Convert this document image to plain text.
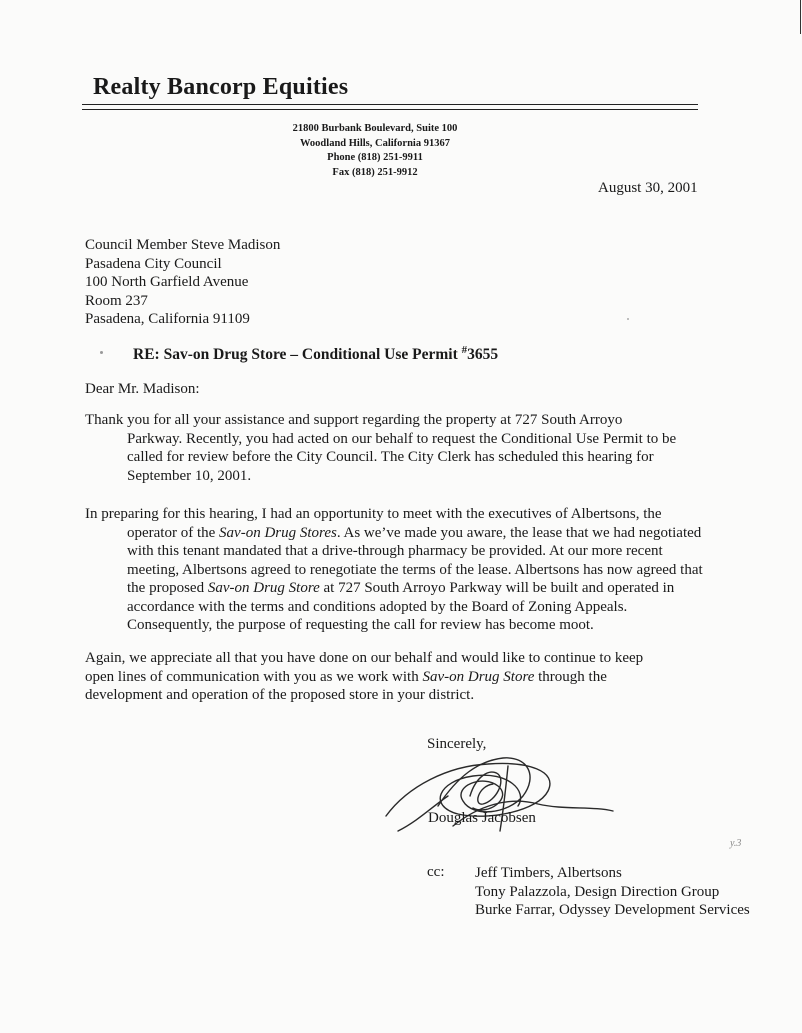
Realty Bancorp Equities
21800 Burbank Boulevard, Suite 100
Woodland Hills, California 91367
Phone (818) 251-9911
Fax (818) 251-9912
August 30, 2001
Council Member Steve Madison
Pasadena City Council
100 North Garfield Avenue
Room 237
Pasadena, California 91109
RE: Sav-on Drug Store – Conditional Use Permit #3655
Dear Mr. Madison:
Thank you for all your assistance and support regarding the property at 727 South Arroyo
Parkway. Recently, you had acted on our behalf to request the Conditional Use Permit to be
called for review before the City Council. The City Clerk has scheduled this hearing for
September 10, 2001.
In preparing for this hearing, I had an opportunity to meet with the executives of Albertsons, the
operator of the Sav-on Drug Stores. As we’ve made you aware, the lease that we had negotiated
with this tenant mandated that a drive-through pharmacy be provided. At our more recent
meeting, Albertsons agreed to renegotiate the terms of the lease. Albertsons has now agreed that
the proposed Sav-on Drug Store at 727 South Arroyo Parkway will be built and operated in
accordance with the terms and conditions adopted by the Board of Zoning Appeals.
Consequently, the purpose of requesting the call for review has become moot.
Again, we appreciate all that you have done on our behalf and would like to continue to keep
open lines of communication with you as we work with Sav-on Drug Store through the
development and operation of the proposed store in your district.
Sincerely,
Douglas Jacobsen
y.3
cc: Jeff Timbers, Albertsons
Tony Palazzola, Design Direction Group
Burke Farrar, Odyssey Development Services
